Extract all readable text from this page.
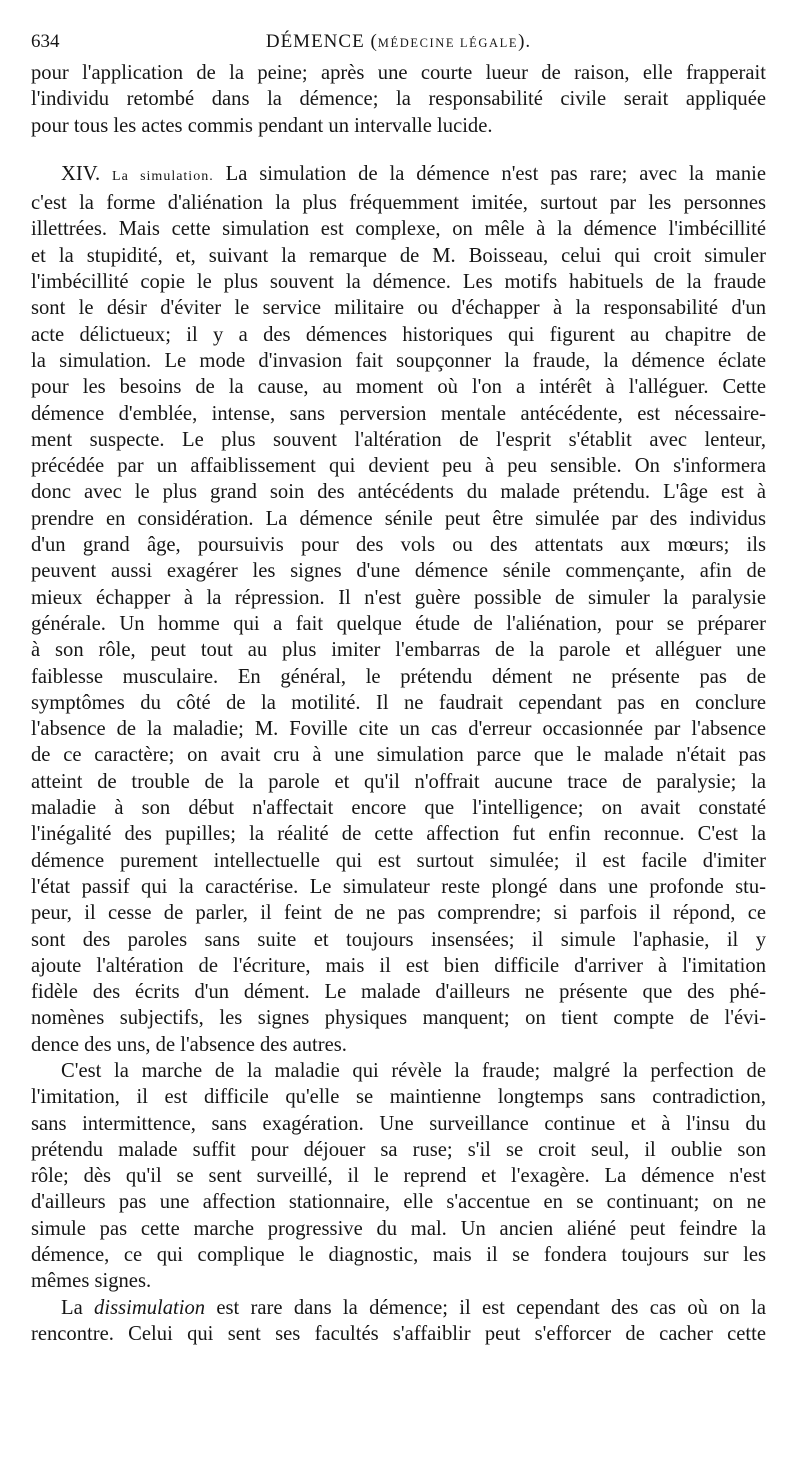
634	DÉMENCE (MÉDECINE LÉGALE).

pour l'application de la peine; après une courte lueur de raison, elle frapperait
l'individu retombé dans la démence; la responsabilité civile serait appliquée
pour tous les actes commis pendant un intervalle lucide.

XIV. La simulation. La simulation de la démence n'est pas rare; avec la manie
c'est la forme d'aliénation la plus fréquemment imitée, surtout par les personnes
illettrées. Mais cette simulation est complexe, on mêle à la démence l'imbécillité
et la stupidité, et, suivant la remarque de M. Boisseau, celui qui croit simuler
l'imbécillité copie le plus souvent la démence. Les motifs habituels de la fraude
sont le désir d'éviter le service militaire ou d'échapper à la responsabilité d'un
acte délictueux; il y a des démences historiques qui figurent au chapitre de
la simulation. Le mode d'invasion fait soupçonner la fraude, la démence éclate
pour les besoins de la cause, au moment où l'on a intérêt à l'alléguer. Cette
démence d'emblée, intense, sans perversion mentale antécédente, est nécessaire-
ment suspecte. Le plus souvent l'altération de l'esprit s'établit avec lenteur,
précédée par un affaiblissement qui devient peu à peu sensible. On s'informera
donc avec le plus grand soin des antécédents du malade prétendu. L'âge est à
prendre en considération. La démence sénile peut être simulée par des individus
d'un grand âge, poursuivis pour des vols ou des attentats aux mœurs; ils
peuvent aussi exagérer les signes d'une démence sénile commençante, afin de
mieux échapper à la répression. Il n'est guère possible de simuler la paralysie
générale. Un homme qui a fait quelque étude de l'aliénation, pour se préparer
à son rôle, peut tout au plus imiter l'embarras de la parole et alléguer une
faiblesse musculaire. En général, le prétendu dément ne présente pas de
symptômes du côté de la motilité. Il ne faudrait cependant pas en conclure
l'absence de la maladie; M. Foville cite un cas d'erreur occasionnée par l'absence
de ce caractère; on avait cru à une simulation parce que le malade n'était pas
atteint de trouble de la parole et qu'il n'offrait aucune trace de paralysie; la
maladie à son début n'affectait encore que l'intelligence; on avait constaté
l'inégalité des pupilles; la réalité de cette affection fut enfin reconnue. C'est la
démence purement intellectuelle qui est surtout simulée; il est facile d'imiter
l'état passif qui la caractérise. Le simulateur reste plongé dans une profonde stu-
peur, il cesse de parler, il feint de ne pas comprendre; si parfois il répond, ce
sont des paroles sans suite et toujours insensées; il simule l'aphasie, il y
ajoute l'altération de l'écriture, mais il est bien difficile d'arriver à l'imitation
fidèle des écrits d'un dément. Le malade d'ailleurs ne présente que des phé-
nomènes subjectifs, les signes physiques manquent; on tient compte de l'évi-
dence des uns, de l'absence des autres.

C'est la marche de la maladie qui révèle la fraude; malgré la perfection de
l'imitation, il est difficile qu'elle se maintienne longtemps sans contradiction,
sans intermittence, sans exagération. Une surveillance continue et à l'insu du
prétendu malade suffit pour déjouer sa ruse; s'il se croit seul, il oublie son
rôle; dès qu'il se sent surveillé, il le reprend et l'exagère. La démence n'est
d'ailleurs pas une affection stationnaire, elle s'accentue en se continuant; on ne
simule pas cette marche progressive du mal. Un ancien aliéné peut feindre la
démence, ce qui complique le diagnostic, mais il se fondera toujours sur les
mêmes signes.

La dissimulation est rare dans la démence; il est cependant des cas où on la
rencontre. Celui qui sent ses facultés s'affaiblir peut s'efforcer de cacher cette
